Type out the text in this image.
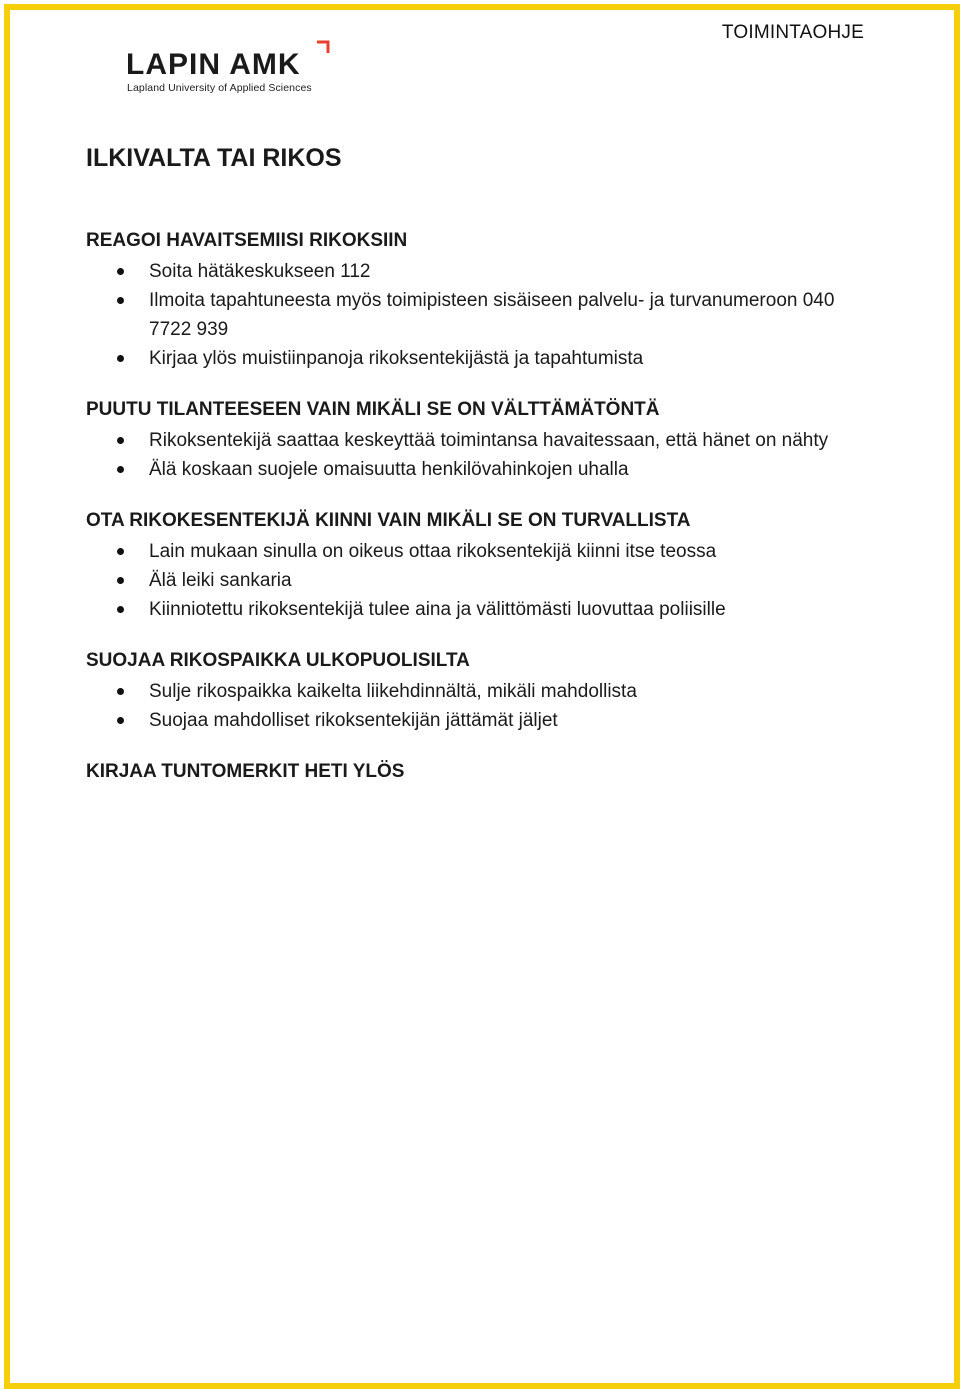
TOIMINTAOHJE
LAPIN AMK
Lapland University of Applied Sciences
ILKIVALTA TAI RIKOS
REAGOI HAVAITSEMIISI RIKOKSIIN
Soita hätäkeskukseen 112
Ilmoita tapahtuneesta myös toimipisteen sisäiseen palvelu- ja turvanumeroon 040 7722 939
Kirjaa ylös muistiinpanoja rikoksentekijästä ja tapahtumista
PUUTU TILANTEESEEN VAIN MIKÄLI SE ON VÄLTTÄMÄTÖNTÄ
Rikoksentekijä saattaa keskeyttää toimintansa havaitessaan, että hänet on nähty
Älä koskaan suojele omaisuutta henkilövahinkojen uhalla
OTA RIKOKESENTEKIJÄ KIINNI VAIN MIKÄLI SE ON TURVALLISTA
Lain mukaan sinulla on oikeus ottaa rikoksentekijä kiinni itse teossa
Älä leiki sankaria
Kiinniotettu rikoksentekijä tulee aina ja välittömästi luovuttaa poliisille
SUOJAA RIKOSPAIKKA ULKOPUOLISILTA
Sulje rikospaikka kaikelta liikehdinnältä, mikäli mahdollista
Suojaa mahdolliset rikoksentekijän jättämät jäljet
KIRJAA TUNTOMERKIT HETI YLÖS
